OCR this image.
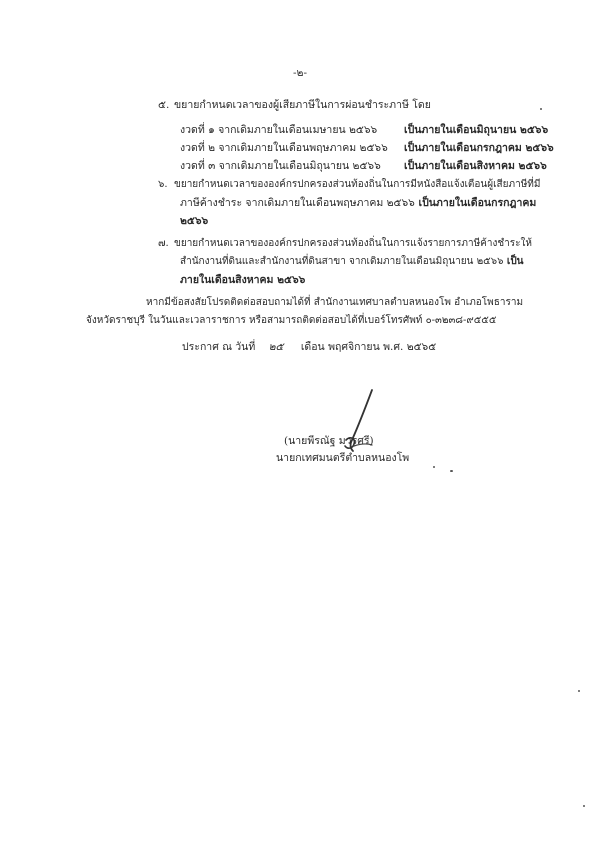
-๒-
๕. ขยายกำหนดเวลาของผู้เสียภาษีในการผ่อนชำระภาษี โดย
งวดที่ ๑ จากเดิมภายในเดือนเมษายน ๒๕๖๖	เป็นภายในเดือนมิถุนายน ๒๕๖๖
งวดที่ ๒ จากเดิมภายในเดือนพฤษภาคม ๒๕๖๖ เป็นภายในเดือนกรกฎาคม ๒๕๖๖
งวดที่ ๓ จากเดิมภายในเดือนมิถุนายน ๒๕๖๖ เป็นภายในเดือนสิงหาคม ๒๕๖๖
๖. ขยายกำหนดเวลาขององค์กรปกครองส่วนท้องถิ่นในการมีหนังสือแจ้งเตือนผู้เสียภาษีที่มี
ภาษีค้างชำระ จากเดิมภายในเดือนพฤษภาคม ๒๕๖๖ เป็นภายในเดือนกรกฎาคม
๒๕๖๖
๗. ขยายกำหนดเวลาขององค์กรปกครองส่วนท้องถิ่นในการแจ้งรายการภาษีค้างชำระให้
สำนักงานที่ดินและสำนักงานที่ดินสาขา จากเดิมภายในเดือนมิถุนายน ๒๕๖๖ เป็น
ภายในเดือนสิงหาคม ๒๕๖๖
หากมีข้อสงสัยโปรดติดต่อสอบถามได้ที่ สำนักงานเทศบาลตำบลหนองโพ อำเภอโพธาราม
จังหวัดราชบุรี ในวันและเวลาราชการ หรือสามารถติดต่อสอบได้ที่เบอร์โทรศัพท์ ๐-๓๒๓๘-๙๕๕๕
ประกาศ ณ วันที่ ๒๕ เดือน พฤศจิกายน พ.ศ. ๒๕๖๕
(นายพีรณัฐ มวรศรี)
นายกเทศมนตรีตำบลหนองโพ
